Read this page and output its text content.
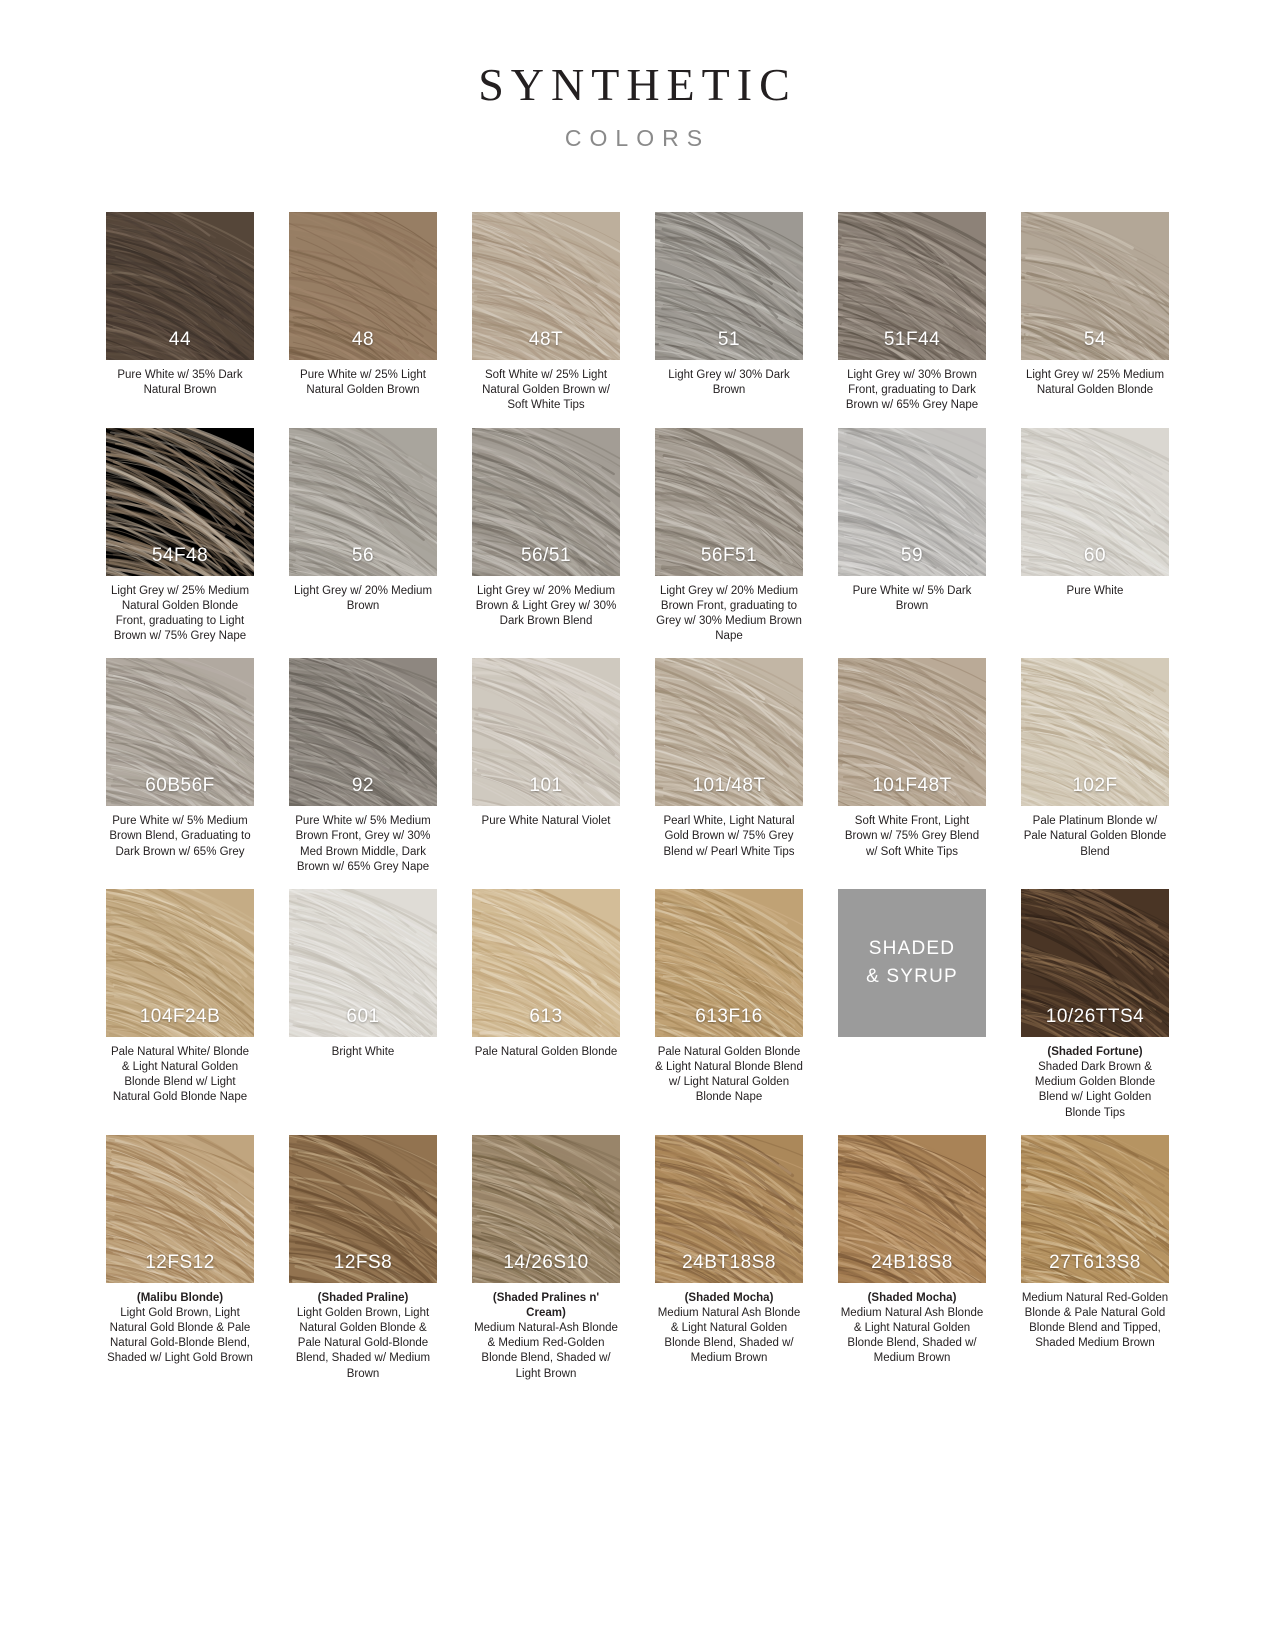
SYNTHETIC
COLORS
44
Pure White w/ 35% Dark Natural Brown
48
Pure White w/ 25% Light Natural Golden Brown
48T
Soft White w/ 25% Light Natural Golden Brown w/ Soft White Tips
51
Light Grey w/ 30% Dark Brown
51F44
Light Grey w/ 30% Brown Front, graduating to Dark Brown w/ 65% Grey Nape
54
Light Grey w/ 25% Medium Natural Golden Blonde
54F48
Light Grey w/ 25% Medium Natural Golden Blonde Front, graduating to Light Brown w/ 75% Grey Nape
56
Light Grey w/ 20% Medium Brown
56/51
Light Grey w/ 20% Medium Brown & Light Grey w/ 30% Dark Brown Blend
56F51
Light Grey w/ 20% Medium Brown Front, graduating to Grey w/ 30% Medium Brown Nape
59
Pure White w/ 5% Dark Brown
60
Pure White
60B56F
Pure White w/ 5% Medium Brown Blend, Graduating to Dark Brown w/ 65% Grey
92
Pure White w/ 5% Medium Brown Front, Grey w/ 30% Med Brown Middle, Dark Brown w/ 65% Grey Nape
101
Pure White Natural Violet
101/48T
Pearl White, Light Natural Gold Brown w/ 75% Grey Blend w/ Pearl White Tips
101F48T
Soft White Front, Light Brown w/ 75% Grey Blend w/ Soft White Tips
102F
Pale Platinum Blonde w/ Pale Natural Golden Blonde Blend
104F24B
Pale Natural White/ Blonde & Light Natural Golden Blonde Blend w/ Light Natural Gold Blonde Nape
601
Bright White
613
Pale Natural Golden Blonde
613F16
Pale Natural Golden Blonde & Light Natural Blonde Blend w/ Light Natural Golden Blonde Nape
SHADED
& SYRUP
10/26TTS4
(Shaded Fortune)
Shaded Dark Brown & Medium Golden Blonde Blend w/ Light Golden Blonde Tips
12FS12
(Malibu Blonde)
Light Gold Brown, Light Natural Gold Blonde & Pale Natural Gold-Blonde Blend, Shaded w/ Light Gold Brown
12FS8
(Shaded Praline)
Light Golden Brown, Light Natural Golden Blonde & Pale Natural Gold-Blonde Blend, Shaded w/ Medium Brown
14/26S10
(Shaded Pralines n' Cream)
Medium Natural-Ash Blonde & Medium Red-Golden Blonde Blend, Shaded w/ Light Brown
24BT18S8
(Shaded Mocha)
Medium Natural Ash Blonde & Light Natural Golden Blonde Blend, Shaded w/ Medium Brown
24B18S8
(Shaded Mocha)
Medium Natural Ash Blonde & Light Natural Golden Blonde Blend, Shaded w/ Medium Brown
27T613S8
Medium Natural Red-Golden Blonde & Pale Natural Gold Blonde Blend and Tipped, Shaded Medium Brown
